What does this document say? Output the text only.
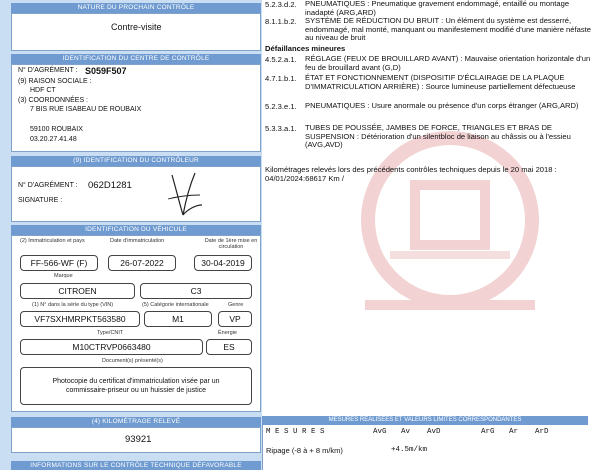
NATURE DU PROCHAIN CONTRÔLE
Contre-visite
IDENTIFICATION DU CENTRE DE CONTRÔLE
N° D'AGRÉMENT : S059F507
(9) RAISON SOCIALE :
HDF CT
(3) COORDONNÉES :
7 BIS RUE ISABEAU DE ROUBAIX
59100 ROUBAIX
03.20.27.41.48
(9) IDENTIFICATION DU CONTRÔLEUR
N° D'AGRÉMENT : 062D1281
SIGNATURE :
IDENTIFICATION DU VÉHICULE
(2) Immatriculation et pays	Date d'immatriculation	Date de 1ère mise en circulation
FF-566-WF (F)	26-07-2022	30-04-2019
Marque
CITROEN	C3
(1) N° dans la série du type (VIN)	(5) Catégorie internationale	Genre
VF7SXHMRPKT563580	M1	VP
Type/CNIT	Énergie
M10CTRVP0663480	ES
Document(s) présenté(s)
Photocopie du certificat d'immatriculation visée par un
commissaire-priseur ou un huissier de justice
(4) KILOMÉTRAGE RELEVÉ
93921
INFORMATIONS SUR LE CONTRÔLE TECHNIQUE DÉFAVORABLE
5.2.3.d.2. PNEUMATIQUES : Pneumatique gravement endommagé, entaillé ou montage inadapté (ARG,ARD)
8.1.1.b.2. SYSTÈME DE RÉDUCTION DU BRUIT : Un élément du système est desserré, endommagé, mal monté, manquant ou manifestement modifié d'une manière néfaste au niveau de bruit
Défaillances mineures
4.5.2.a.1. RÉGLAGE (FEUX DE BROUILLARD AVANT) : Mauvaise orientation horizontale d'un feu de brouillard avant (G,D)
4.7.1.b.1. ÉTAT ET FONCTIONNEMENT (DISPOSITIF D'ÉCLAIRAGE DE LA PLAQUE D'IMMATRICULATION ARRIÈRE) : Source lumineuse partiellement défectueuse
5.2.3.e.1. PNEUMATIQUES : Usure anormale ou présence d'un corps étranger (ARG,ARD)
5.3.3.a.1. TUBES DE POUSSÉE, JAMBES DE FORCE, TRIANGLES ET BRAS DE SUSPENSION : Détérioration d'un silentbloc de liaison au châssis ou à l'essieu (AVG,AVD)
Kilométrages relevés lors des précédents contrôles techniques depuis le 20 mai 2018 : 04/01/2024:68617 Km /
MESURES RÉALISÉES ET VALEURS LIMITES CORRESPONDANTES
M E S U R E S	AvG Av AvD	ArG Ar ArD
Ripage (-8 à + 8 m/km)	+4.5m/km
